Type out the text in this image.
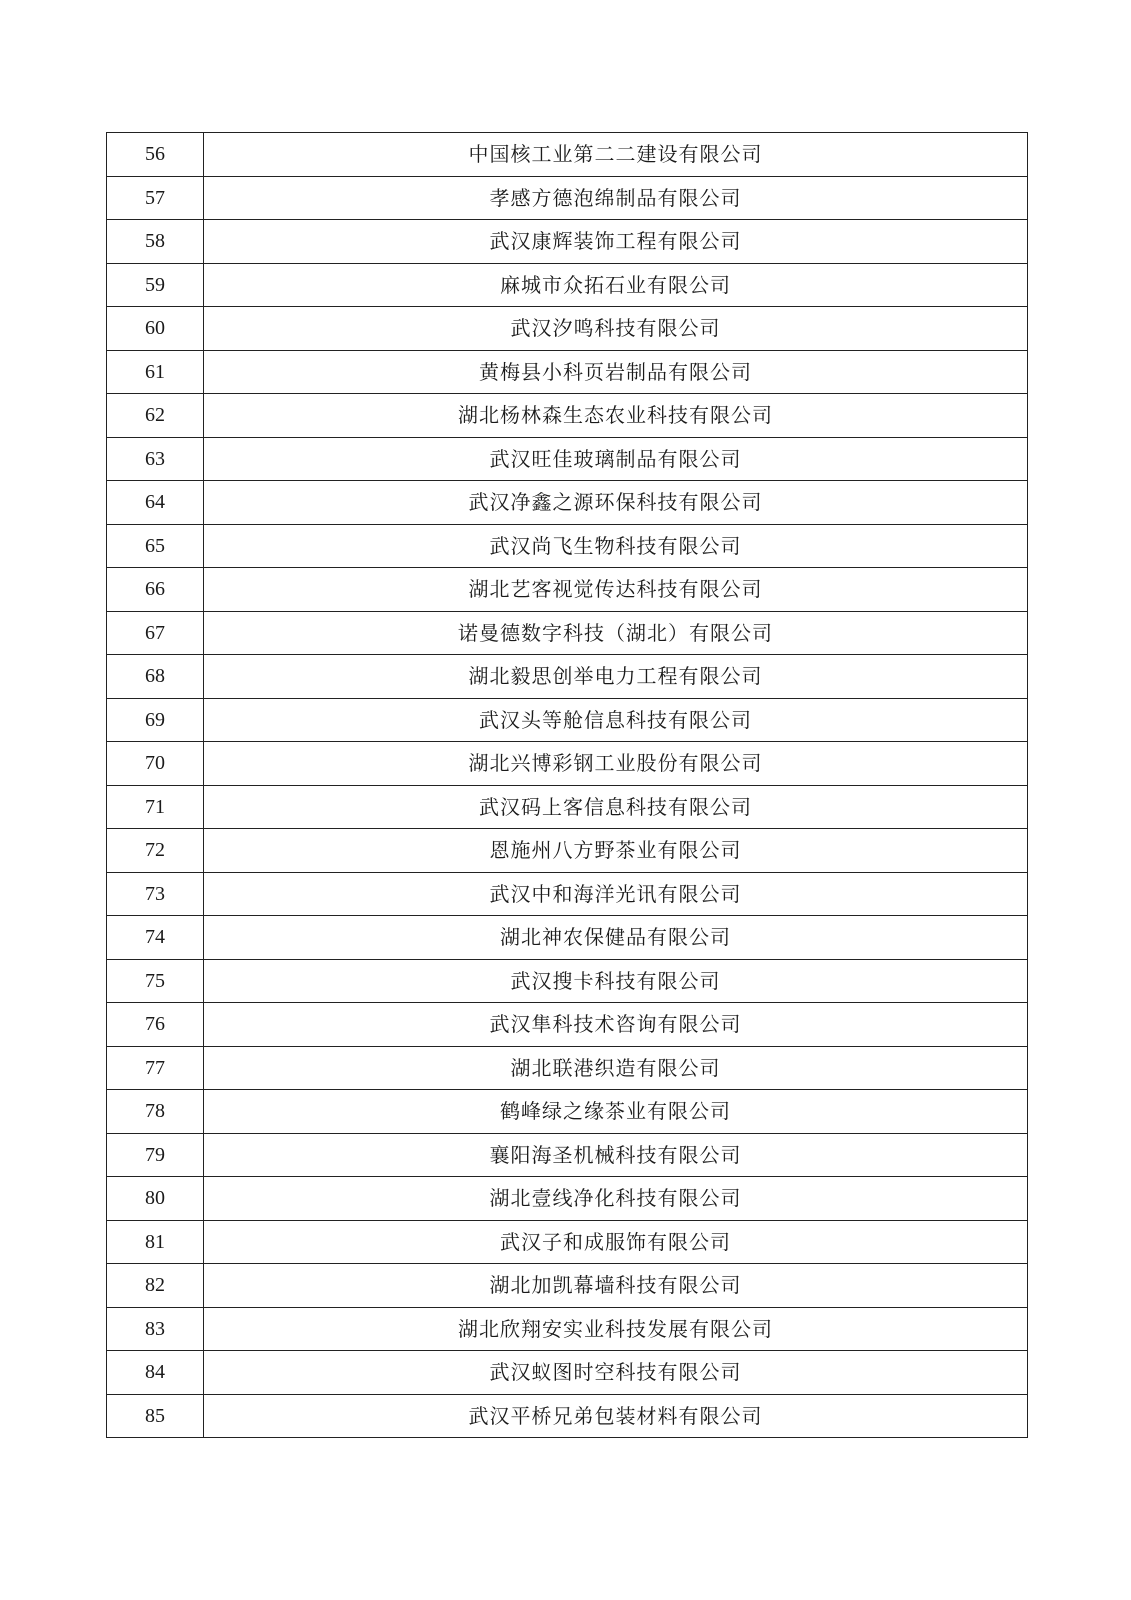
56	中国核工业第二二建设有限公司
57	孝感方德泡绵制品有限公司
58	武汉康辉装饰工程有限公司
59	麻城市众拓石业有限公司
60	武汉汐鸣科技有限公司
61	黄梅县小科页岩制品有限公司
62	湖北杨林森生态农业科技有限公司
63	武汉旺佳玻璃制品有限公司
64	武汉净鑫之源环保科技有限公司
65	武汉尚飞生物科技有限公司
66	湖北艺客视觉传达科技有限公司
67	诺曼德数字科技（湖北）有限公司
68	湖北毅思创举电力工程有限公司
69	武汉头等舱信息科技有限公司
70	湖北兴博彩钢工业股份有限公司
71	武汉码上客信息科技有限公司
72	恩施州八方野茶业有限公司
73	武汉中和海洋光讯有限公司
74	湖北神农保健品有限公司
75	武汉搜卡科技有限公司
76	武汉隼科技术咨询有限公司
77	湖北联港织造有限公司
78	鹤峰绿之缘茶业有限公司
79	襄阳海圣机械科技有限公司
80	湖北壹线净化科技有限公司
81	武汉子和成服饰有限公司
82	湖北加凯幕墙科技有限公司
83	湖北欣翔安实业科技发展有限公司
84	武汉蚁图时空科技有限公司
85	武汉平桥兄弟包装材料有限公司
